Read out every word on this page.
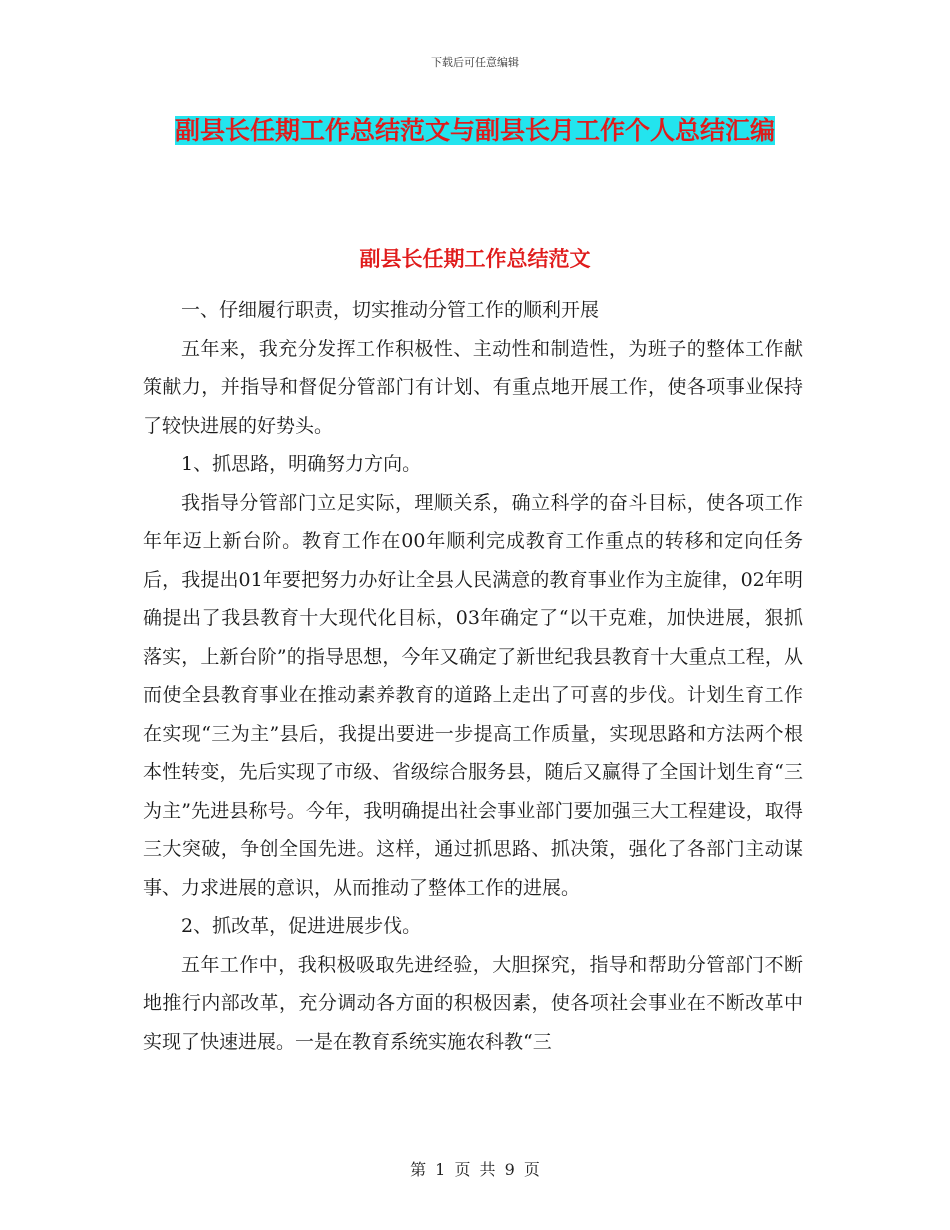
下载后可任意编辑
副县长任期工作总结范文与副县长月工作个人总结汇编
副县长任期工作总结范文

一、仔细履行职责，切实推动分管工作的顺利开展

五年来，我充分发挥工作积极性、主动性和制造性，为班子的整体工作献策献力，并指导和督促分管部门有计划、有重点地开展工作，使各项事业保持了较快进展的好势头。

1、抓思路，明确努力方向。

我指导分管部门立足实际，理顺关系，确立科学的奋斗目标，使各项工作年年迈上新台阶。教育工作在00年顺利完成教育工作重点的转移和定向任务后，我提出01年要把努力办好让全县人民满意的教育事业作为主旋律，02年明确提出了我县教育十大现代化目标，03年确定了“以干克难，加快进展，狠抓落实，上新台阶”的指导思想，今年又确定了新世纪我县教育十大重点工程，从而使全县教育事业在推动素养教育的道路上走出了可喜的步伐。计划生育工作在实现“三为主”县后，我提出要进一步提高工作质量，实现思路和方法两个根本性转变，先后实现了市级、省级综合服务县，随后又赢得了全国计划生育“三为主”先进县称号。今年，我明确提出社会事业部门要加强三大工程建设，取得三大突破，争创全国先进。这样，通过抓思路、抓决策，强化了各部门主动谋事、力求进展的意识，从而推动了整体工作的进展。

2、抓改革，促进进展步伐。

五年工作中，我积极吸取先进经验，大胆探究，指导和帮助分管部门不断地推行内部改革，充分调动各方面的积极因素，使各项社会事业在不断改革中实现了快速进展。一是在教育系统实施农科教“三

第 1 页 共 9 页
